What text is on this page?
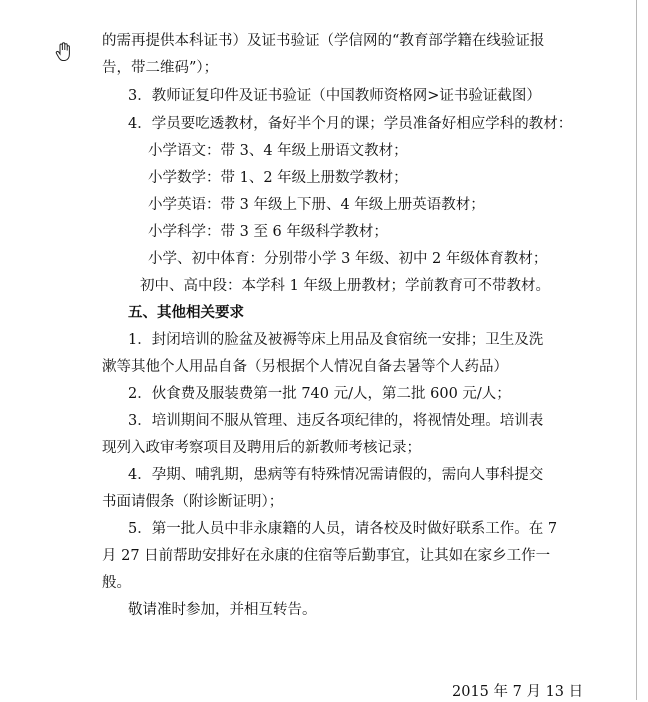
的需再提供本科证书）及证书验证（学信网的“教育部学籍在线验证报
告，带二维码”）；
3．教师证复印件及证书验证（中国教师资格网>证书验证截图）
4．学员要吃透教材，备好半个月的课；学员准备好相应学科的教材：
小学语文：带 3、4 年级上册语文教材；
小学数学：带 1、2 年级上册数学教材；
小学英语：带 3 年级上下册、4 年级上册英语教材；
小学科学：带 3 至 6 年级科学教材；
小学、初中体育：分别带小学 3 年级、初中 2 年级体育教材；
初中、高中段：本学科 1 年级上册教材；学前教育可不带教材。
五、其他相关要求
1．封闭培训的脸盆及被褥等床上用品及食宿统一安排；卫生及洗
漱等其他个人用品自备（另根据个人情况自备去暑等个人药品）
2．伙食费及服装费第一批 740 元/人，第二批 600 元/人；
3．培训期间不服从管理、违反各项纪律的，将视情处理。培训表
现列入政审考察项目及聘用后的新教师考核记录；
4．孕期、哺乳期，患病等有特殊情况需请假的，需向人事科提交
书面请假条（附诊断证明）；
5．第一批人员中非永康籍的人员，请各校及时做好联系工作。在 7
月 27 日前帮助安排好在永康的住宿等后勤事宜，让其如在家乡工作一
般。
敬请准时参加，并相互转告。
2015 年 7 月 13 日
